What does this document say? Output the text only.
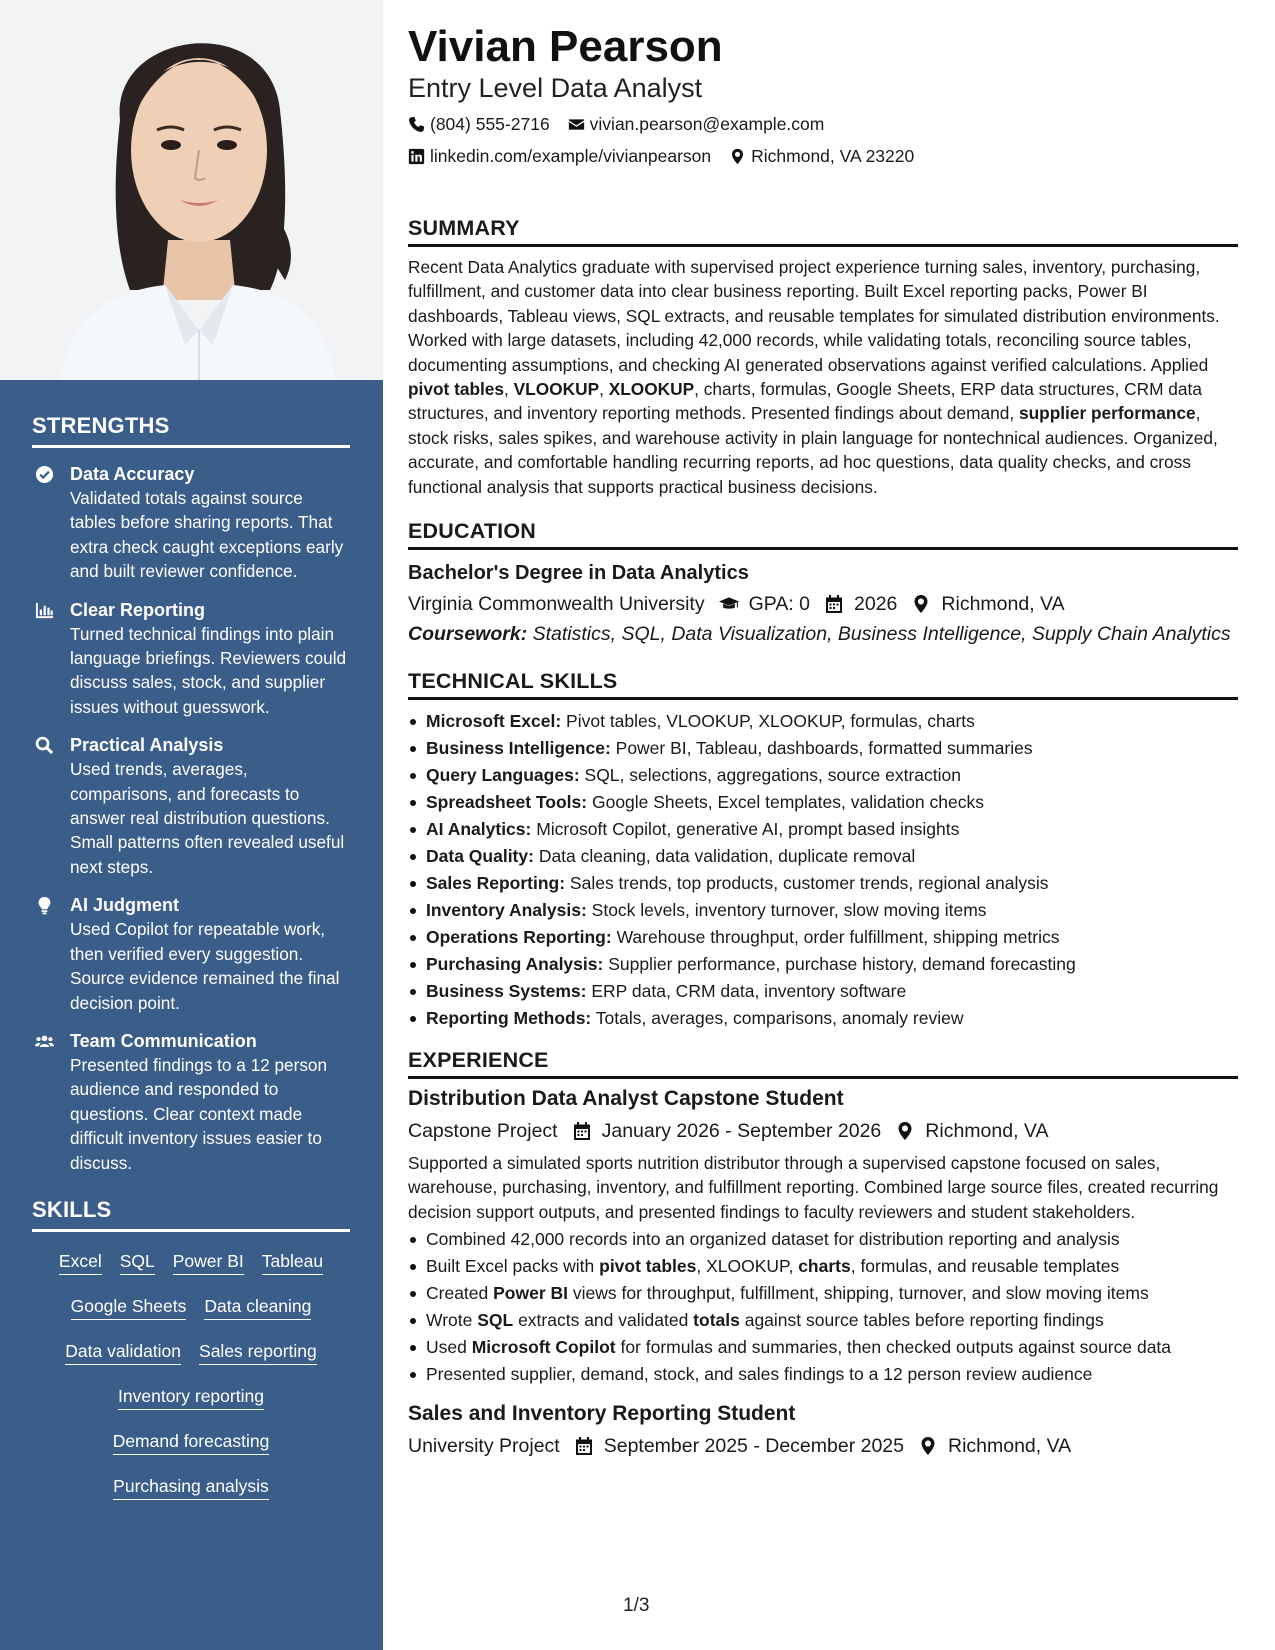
STRENGTHS
Data Accuracy
Validated totals against source tables before sharing reports. That extra check caught exceptions early and built reviewer confidence.
Clear Reporting
Turned technical findings into plain language briefings. Reviewers could discuss sales, stock, and supplier issues without guesswork.
Practical Analysis
Used trends, averages, comparisons, and forecasts to answer real distribution questions. Small patterns often revealed useful next steps.
AI Judgment
Used Copilot for repeatable work, then verified every suggestion. Source evidence remained the final decision point.
Team Communication
Presented findings to a 12 person audience and responded to questions. Clear context made difficult inventory issues easier to discuss.
SKILLS
Excel SQL Power BI Tableau
Google Sheets Data cleaning
Data validation Sales reporting
Inventory reporting
Demand forecasting
Purchasing analysis
Vivian Pearson
Entry Level Data Analyst
(804) 555-2716 vivian.pearson@example.com
linkedin.com/example/vivianpearson Richmond, VA 23220
SUMMARY

Recent Data Analytics graduate with supervised project experience turning sales, inventory, purchasing, fulfillment, and customer data into clear business reporting. Built Excel reporting packs, Power BI dashboards, Tableau views, SQL extracts, and reusable templates for simulated distribution environments. Worked with large datasets, including 42,000 records, while validating totals, reconciling source tables, documenting assumptions, and checking AI generated observations against verified calculations. Applied pivot tables, VLOOKUP, XLOOKUP, charts, formulas, Google Sheets, ERP data structures, CRM data structures, and inventory reporting methods. Presented findings about demand, supplier performance, stock risks, sales spikes, and warehouse activity in plain language for nontechnical audiences. Organized, accurate, and comfortable handling recurring reports, ad hoc questions, data quality checks, and cross functional analysis that supports practical business decisions.

EDUCATION
Bachelor's Degree in Data Analytics
Virginia Commonwealth University GPA: 0 2026 Richmond, VA
Coursework: Statistics, SQL, Data Visualization, Business Intelligence, Supply Chain Analytics
TECHNICAL SKILLS
Microsoft Excel: Pivot tables, VLOOKUP, XLOOKUP, formulas, charts
Business Intelligence: Power BI, Tableau, dashboards, formatted summaries
Query Languages: SQL, selections, aggregations, source extraction
Spreadsheet Tools: Google Sheets, Excel templates, validation checks
AI Analytics: Microsoft Copilot, generative AI, prompt based insights
Data Quality: Data cleaning, data validation, duplicate removal
Sales Reporting: Sales trends, top products, customer trends, regional analysis
Inventory Analysis: Stock levels, inventory turnover, slow moving items
Operations Reporting: Warehouse throughput, order fulfillment, shipping metrics
Purchasing Analysis: Supplier performance, purchase history, demand forecasting
Business Systems: ERP data, CRM data, inventory software
Reporting Methods: Totals, averages, comparisons, anomaly review
EXPERIENCE
Distribution Data Analyst Capstone Student
Capstone Project January 2026 - September 2026 Richmond, VA

Supported a simulated sports nutrition distributor through a supervised capstone focused on sales, warehouse, purchasing, inventory, and fulfillment reporting. Combined large source files, created recurring decision support outputs, and presented findings to faculty reviewers and student stakeholders.

Combined 42,000 records into an organized dataset for distribution reporting and analysis
Built Excel packs with pivot tables, XLOOKUP, charts, formulas, and reusable templates
Created Power BI views for throughput, fulfillment, shipping, turnover, and slow moving items
Wrote SQL extracts and validated totals against source tables before reporting findings
Used Microsoft Copilot for formulas and summaries, then checked outputs against source data
Presented supplier, demand, stock, and sales findings to a 12 person review audience
Sales and Inventory Reporting Student
University Project September 2025 - December 2025 Richmond, VA
1/3
